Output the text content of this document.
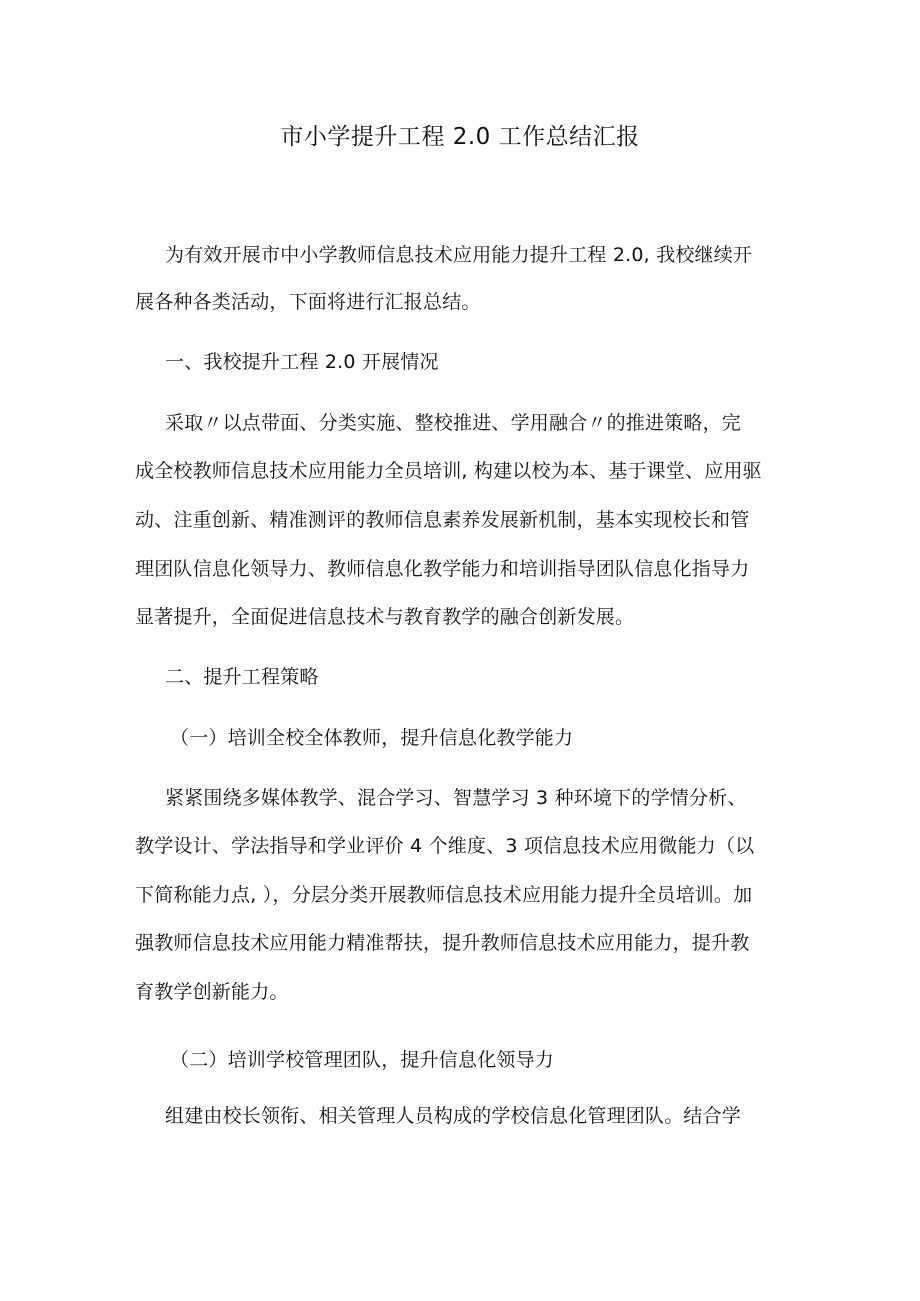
市小学提升工程 2.0 工作总结汇报
为有效开展市中小学教师信息技术应用能力提升工程 2.0, 我校继续开
展各种各类活动，下面将进行汇报总结。
一、我校提升工程 2.0 开展情况
采取〃以点带面、分类实施、整校推进、学用融合〃的推进策略，完
成全校教师信息技术应用能力全员培训, 构建以校为本、基于课堂、应用驱
动、注重创新、精准测评的教师信息素养发展新机制，基本实现校长和管
理团队信息化领导力、教师信息化教学能力和培训指导团队信息化指导力
显著提升，全面促进信息技术与教育教学的融合创新发展。
二、提升工程策略
（一）培训全校全体教师，提升信息化教学能力
紧紧围绕多媒体教学、混合学习、智慧学习 3 种环境下的学情分析、
教学设计、学法指导和学业评价 4 个维度、3 项信息技术应用微能力（以
下简称能力点, ），分层分类开展教师信息技术应用能力提升全员培训。加
强教师信息技术应用能力精准帮扶，提升教师信息技术应用能力，提升教
育教学创新能力。
（二）培训学校管理团队，提升信息化领导力
组建由校长领衔、相关管理人员构成的学校信息化管理团队。结合学
